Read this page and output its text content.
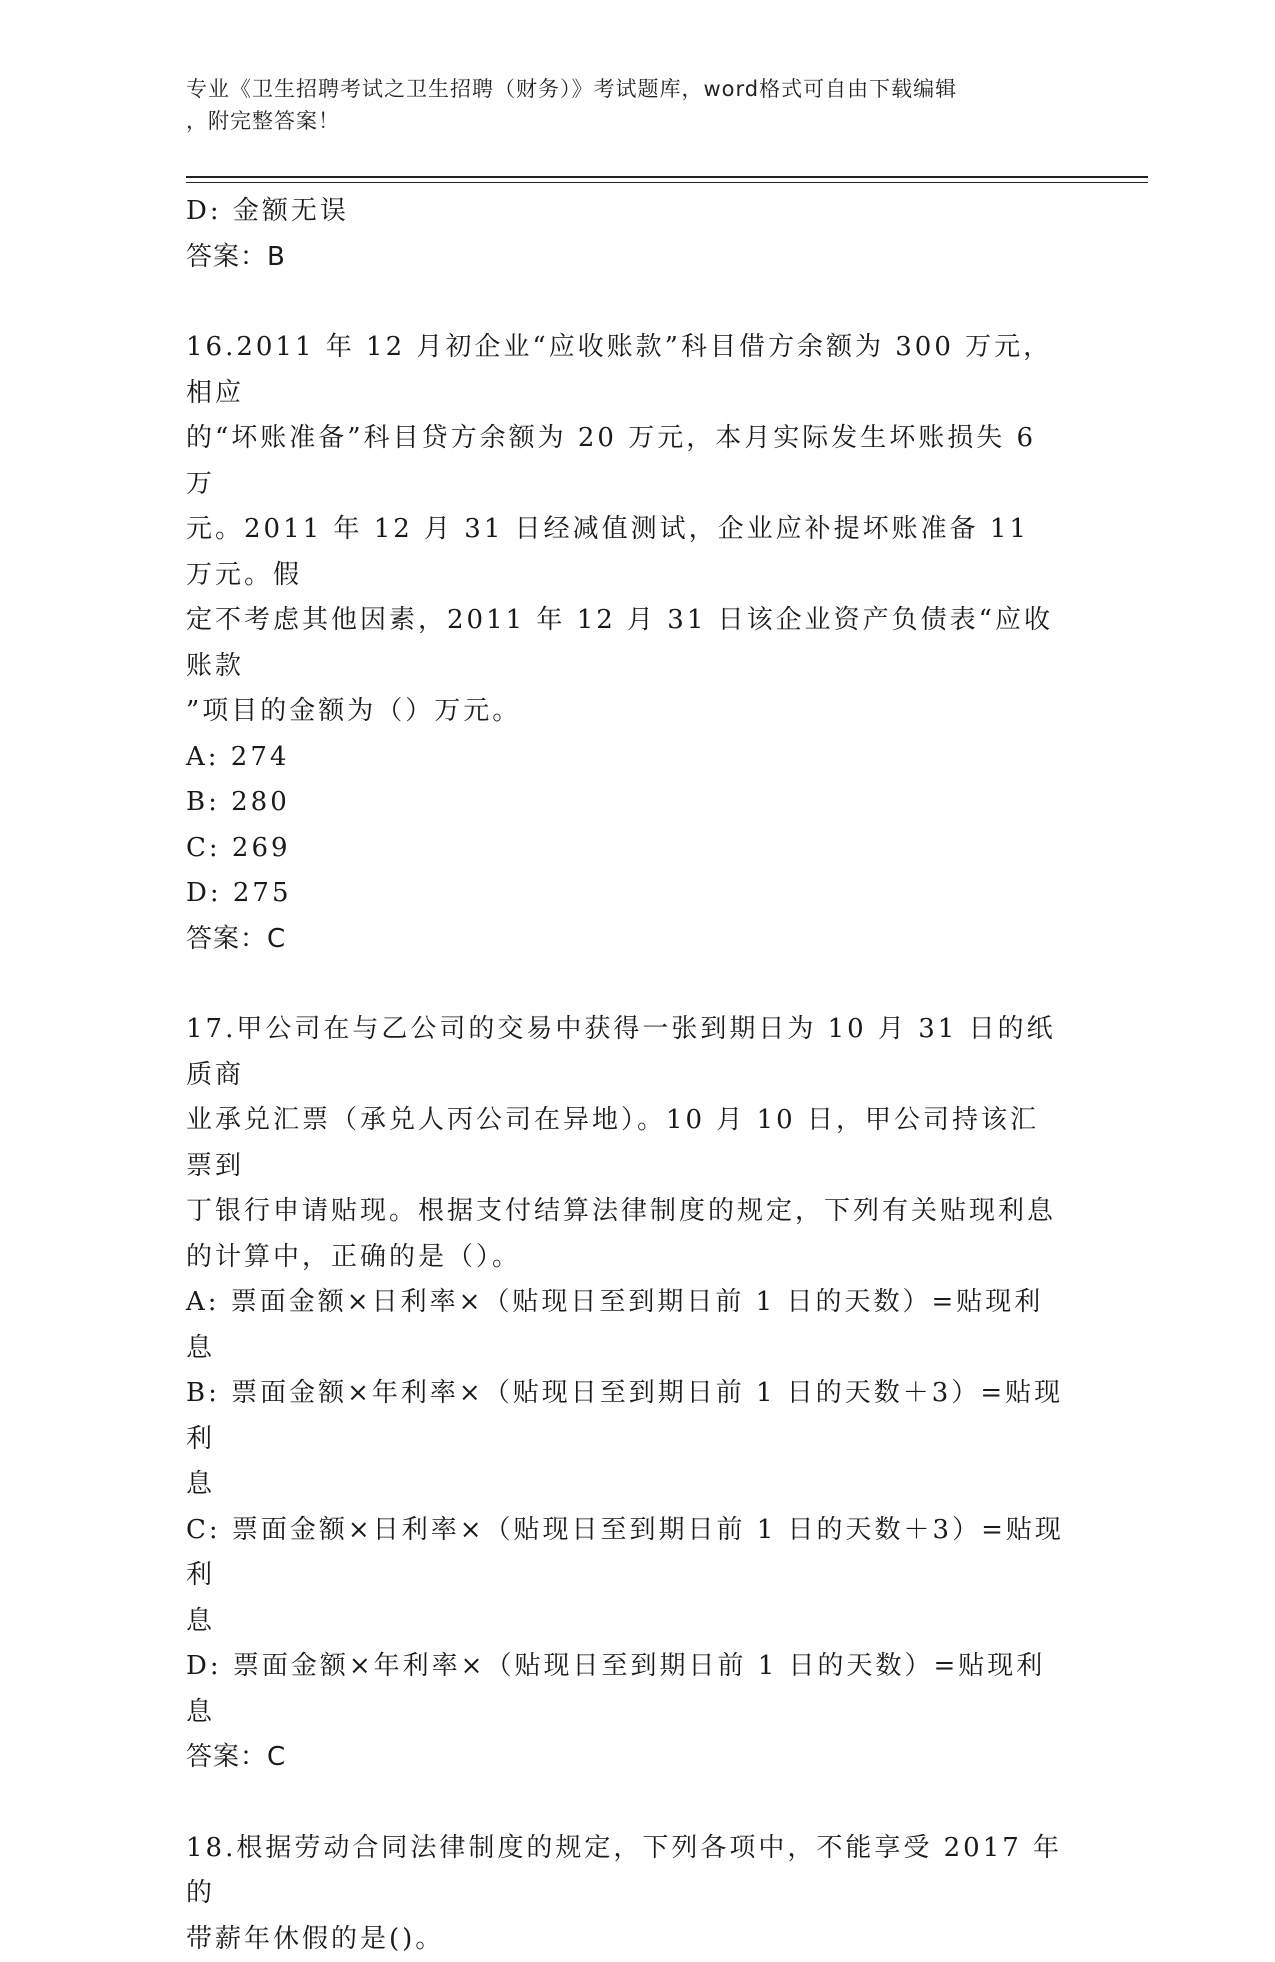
专业《卫生招聘考试之卫生招聘（财务）》考试题库，word格式可自由下载编辑
，附完整答案！

D: 金额无误

答案：B

16.2011 年 12 月初企业“应收账款”科目借方余额为 300 万元，相应

的“坏账准备”科目贷方余额为 20 万元，本月实际发生坏账损失 6 万

元。2011 年 12 月 31 日经减值测试，企业应补提坏账准备 11 万元。假

定不考虑其他因素，2011 年 12 月 31 日该企业资产负债表“应收账款

”项目的金额为（）万元。

A: 274

B: 280

C: 269

D: 275

答案：C

17.甲公司在与乙公司的交易中获得一张到期日为 10 月 31 日的纸质商

业承兑汇票（承兑人丙公司在异地）。10 月 10 日，甲公司持该汇票到

丁银行申请贴现。根据支付结算法律制度的规定，下列有关贴现利息

的计算中，正确的是（）。

A: 票面金额×日利率×（贴现日至到期日前 1 日的天数）=贴现利息

B: 票面金额×年利率×（贴现日至到期日前 1 日的天数＋3）=贴现利

息

C: 票面金额×日利率×（贴现日至到期日前 1 日的天数＋3）=贴现利

息

D: 票面金额×年利率×（贴现日至到期日前 1 日的天数）=贴现利息

答案：C

18.根据劳动合同法律制度的规定，下列各项中，不能享受 2017 年的

带薪年休假的是()。
